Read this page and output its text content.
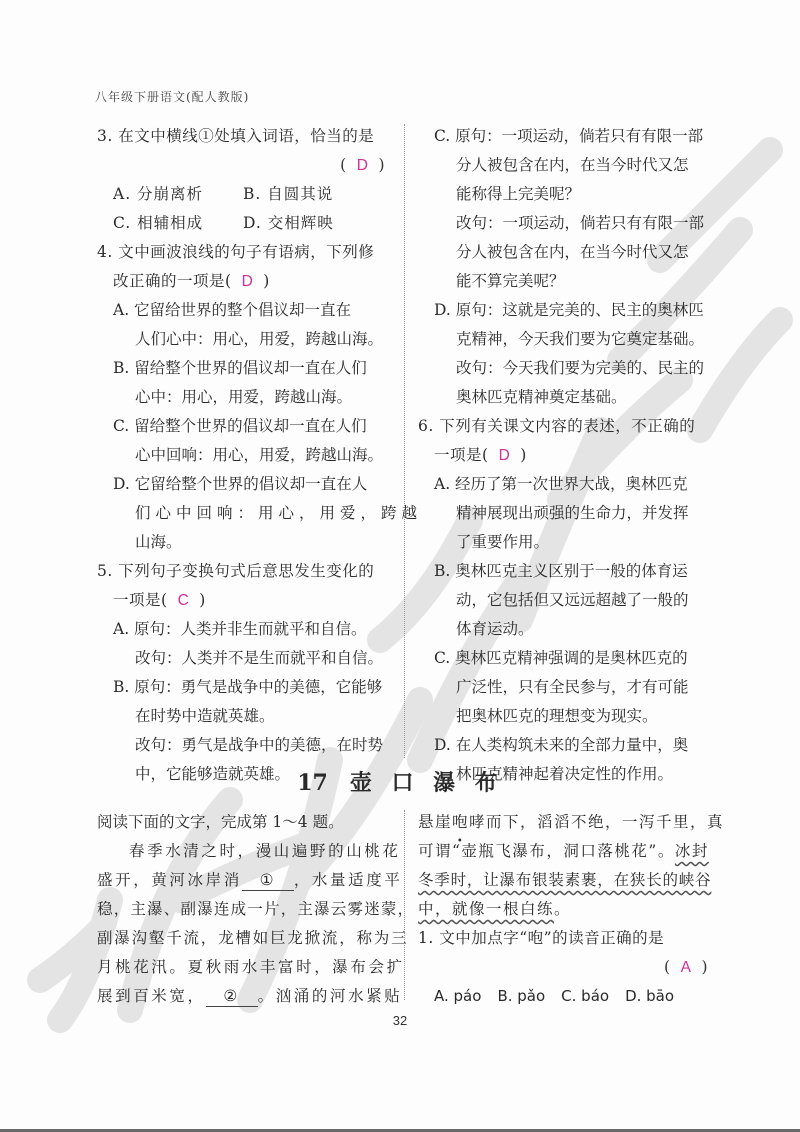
八年级下册语文(配人教版)
3. 在文中横线①处填入词语，恰当的是
( D )
A. 分崩离析	B. 自圆其说
C. 相辅相成	D. 交相辉映
4. 文中画波浪线的句子有语病，下列修
改正确的一项是( D )
A. 它留给世界的整个倡议却一直在
人们心中：用心，用爱，跨越山海。
B. 留给整个世界的倡议却一直在人们
心中：用心，用爱，跨越山海。
C. 留给整个世界的倡议却一直在人们
心中回响：用心，用爱，跨越山海。
D. 它留给整个世界的倡议却一直在人
们心中回响：用心，用爱，跨越
山海。
5. 下列句子变换句式后意思发生变化的
一项是( C )
A. 原句：人类并非生而就平和自信。
改句：人类并不是生而就平和自信。
B. 原句：勇气是战争中的美德，它能够
在时势中造就英雄。
改句：勇气是战争中的美德，在时势
中，它能够造就英雄。
C. 原句：一项运动，倘若只有有限一部
分人被包含在内，在当今时代又怎
能称得上完美呢？
改句：一项运动，倘若只有有限一部
分人被包含在内，在当今时代又怎
能不算完美呢？
D. 原句：这就是完美的、民主的奥林匹
克精神，今天我们要为它奠定基础。
改句：今天我们要为完美的、民主的
奥林匹克精神奠定基础。
6. 下列有关课文内容的表述，不正确的
一项是( D )
A. 经历了第一次世界大战，奥林匹克
精神展现出顽强的生命力，并发挥
了重要作用。
B. 奥林匹克主义区别于一般的体育运
动，它包括但又远远超越了一般的
体育运动。
C. 奥林匹克精神强调的是奥林匹克的
广泛性，只有全民参与，才有可能
把奥林匹克的理想变为现实。
D. 在人类构筑未来的全部力量中，奥
林匹克精神起着决定性的作用。
17 壶 口 瀑 布
阅读下面的文字，完成第 1～4 题。
春季水清之时，漫山遍野的山桃花
盛开，黄河冰岸消 ① ，水量适度平
稳，主瀑、副瀑连成一片，主瀑云雾迷蒙，
副瀑沟壑千流，龙槽如巨龙掀流，称为三
月桃花汛。夏秋雨水丰富时，瀑布会扩
展到百米宽， ② 。汹涌的河水紧贴
悬崖咆哮而下，滔滔不绝，一泻千里，真
可谓“壶瓶飞瀑布，洞口落桃花”。冰封
冬季时，让瀑布银装素裹，在狭长的峡谷
中，就像一根白练。
1. 文中加点字“咆”的读音正确的是
( A )
A. páo B. pǎo C. báo D. bāo
32
